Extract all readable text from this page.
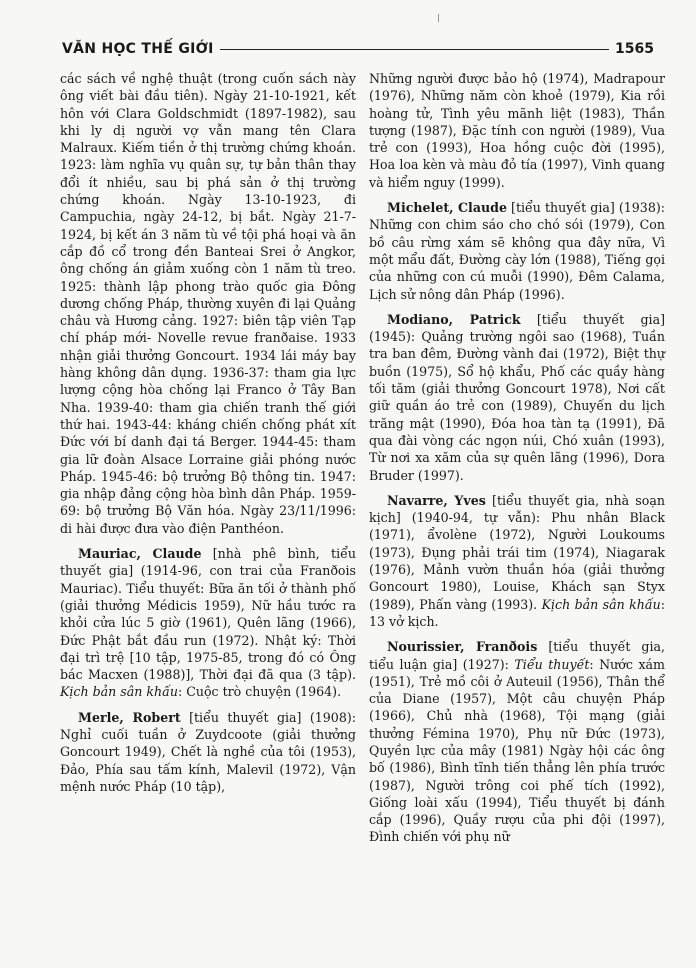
VĂN HỌC THẾ GIỚI	1565

các sách về nghệ thuật (trong cuốn sách này ông viết bài đầu tiên). Ngày 21-10-1921, kết hôn với Clara Goldschmidt (1897-1982), sau khi ly dị người vợ vẫn mang tên Clara Malraux. Kiếm tiền ở thị trường chứng khoán. 1923: làm nghĩa vụ quân sự, tự bản thân thay đổi ít nhiều, sau bị phá sản ở thị trường chứng khoán. Ngày 13-10-1923, đi Campuchia, ngày 24-12, bị bắt. Ngày 21-7-1924, bị kết án 3 năm tù về tội phá hoại và ăn cắp đồ cổ trong đền Banteai Srei ở Angkor, ông chống án giảm xuống còn 1 năm tù treo. 1925: thành lập phong trào quốc gia Đông dương chống Pháp, thường xuyên đi lại Quảng châu và Hương cảng. 1927: biên tập viên Tạp chí pháp mới- Novelle revue franðaise. 1933 nhận giải thưởng Goncourt. 1934 lái máy bay hàng không dân dụng. 1936-37: tham gia lực lượng cộng hòa chống lại Franco ở Tây Ban Nha. 1939-40: tham gia chiến tranh thế giới thứ hai. 1943-44: kháng chiến chống phát xít Đức với bí danh đại tá Berger. 1944-45: tham gia lữ đoàn Alsace Lorraine giải phóng nước Pháp. 1945-46: bộ trưởng Bộ thông tin. 1947: gia nhập đảng cộng hòa bình dân Pháp. 1959-69: bộ trưởng Bộ Văn hóa. Ngày 23/11/1996: di hài được đưa vào điện Panthéon.

Mauriac, Claude [nhà phê bình, tiểu thuyết gia] (1914-96, con trai của Franðois Mauriac). Tiểu thuyết: Bữa ăn tối ở thành phố (giải thưởng Médicis 1959), Nữ hầu tước ra khỏi cửa lúc 5 giờ (1961), Quên lãng (1966), Đức Phật bắt đầu run (1972). Nhật ký: Thời đại trì trệ [10 tập, 1975-85, trong đó có Ông bác Macxen (1988)], Thời đại đã qua (3 tập). Kịch bản sân khấu: Cuộc trò chuyện (1964).

Merle, Robert [tiểu thuyết gia] (1908): Nghỉ cuối tuần ở Zuydcoote (giải thưởng Goncourt 1949), Chết là nghề của tôi (1953), Đảo, Phía sau tấm kính, Malevil (1972), Vận mệnh nước Pháp (10 tập),

Những người được bảo hộ (1974), Madrapour (1976), Những năm còn khoẻ (1979), Kia rồi hoàng tử, Tình yêu mãnh liệt (1983), Thần tượng (1987), Đặc tính con người (1989), Vua trẻ con (1993), Hoa hồng cuộc đời (1995), Hoa loa kèn và màu đỏ tía (1997), Vinh quang và hiểm nguy (1999).

Michelet, Claude [tiểu thuyết gia] (1938): Những con chim sáo cho chó sói (1979), Con bồ câu rừng xám sẽ không qua đây nữa, Vì một mẩu đất, Đường cày lớn (1988), Tiếng gọi của những con cú muỗi (1990), Đêm Calama, Lịch sử nông dân Pháp (1996).

Modiano, Patrick [tiểu thuyết gia] (1945): Quảng trường ngôi sao (1968), Tuần tra ban đêm, Đường vành đai (1972), Biệt thự buồn (1975), Sổ hộ khẩu, Phố các quầy hàng tối tăm (giải thưởng Goncourt 1978), Nơi cất giữ quần áo trẻ con (1989), Chuyến du lịch trăng mật (1990), Đóa hoa tàn tạ (1991), Đã qua đài vòng các ngọn núi, Chó xuân (1993), Từ nơi xa xăm của sự quên lãng (1996), Dora Bruder (1997).

Navarre, Yves [tiểu thuyết gia, nhà soạn kịch] (1940-94, tự vẫn): Phu nhân Black (1971), ẩvolène (1972), Người Loukoums (1973), Đụng phải trái tim (1974), Niagarak (1976), Mảnh vườn thuần hóa (giải thưởng Goncourt 1980), Louise, Khách sạn Styx (1989), Phấn vàng (1993). Kịch bản sân khấu: 13 vở kịch.

Nourissier, Franðois [tiểu thuyết gia, tiểu luận gia] (1927): Tiểu thuyết: Nước xám (1951), Trẻ mồ côi ở Auteuil (1956), Thân thể của Diane (1957), Một câu chuyện Pháp (1966), Chủ nhà (1968), Tội mạng (giải thưởng Fémina 1970), Phụ nữ Đức (1973), Quyền lực của mây (1981) Ngày hội các ông bố (1986), Bình tĩnh tiến thẳng lên phía trước (1987), Người trông coi phế tích (1992), Giống loài xấu (1994), Tiểu thuyết bị đánh cắp (1996), Quầy rượu của phi đội (1997), Đình chiến với phụ nữ
